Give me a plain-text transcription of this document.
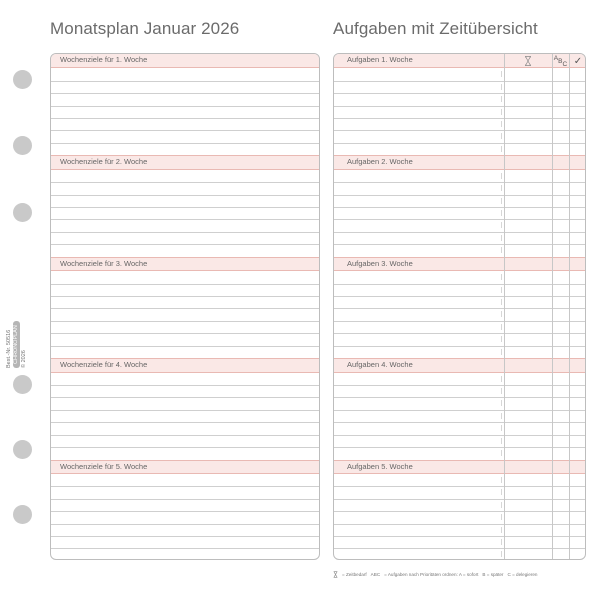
Monatsplan Januar 2026	Aufgaben mit Zeitübersicht
Best.-Nr. 50516 CHRONOPLAN © 2026
Wochenziele für 1. Woche
Wochenziele für 2. Woche
Wochenziele für 3. Woche
Wochenziele für 4. Woche
Wochenziele für 5. Woche
Aufgaben 1. Woche
Aufgaben 2. Woche
Aufgaben 3. Woche
Aufgaben 4. Woche
Aufgaben 5. Woche
A B C ✓
= Zeitbedarf ABC = Aufgaben nach Prioritäten ordnen: A = sofort B = später C = delegieren
